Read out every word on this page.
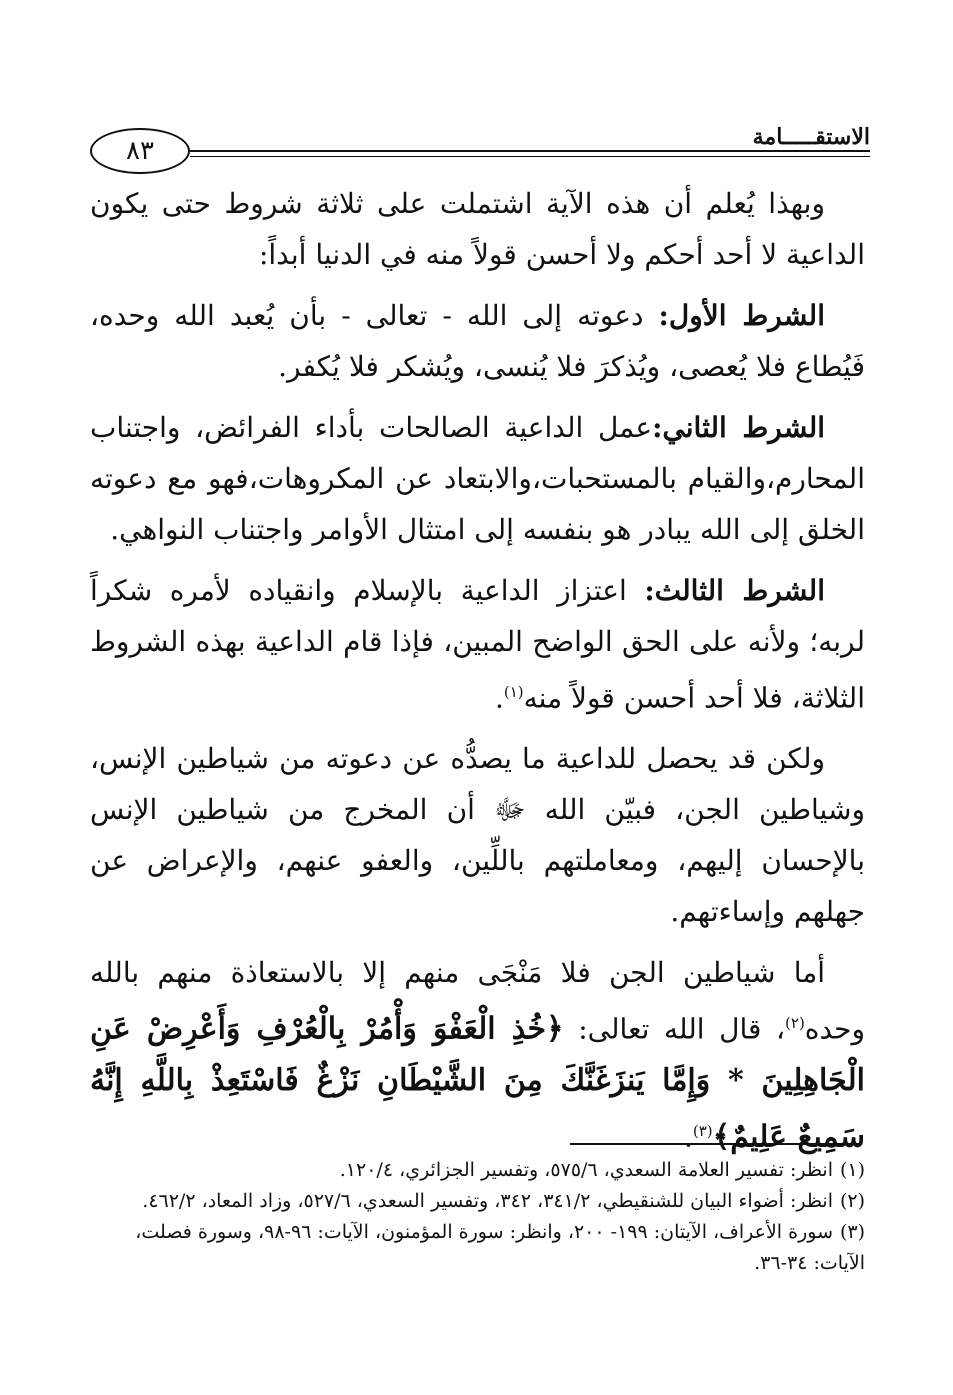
الاستقـــــامة
٨٣

وبهذا يُعلم أن هذه الآية اشتملت على ثلاثة شروط حتى يكون الداعية لا أحد أحكم ولا أحسن قولاً منه في الدنيا أبداً:

الشرط الأول: دعوته إلى الله - تعالى - بأن يُعبد الله وحده، فَيُطاع فلا يُعصى، ويُذكرَ فلا يُنسى، ويُشكر فلا يُكفر.

الشرط الثاني:عمل الداعية الصالحات بأداء الفرائض، واجتناب المحارم،والقيام بالمستحبات،والابتعاد عن المكروهات،فهو مع دعوته الخلق إلى الله يبادر هو بنفسه إلى امتثال الأوامر واجتناب النواهي.

الشرط الثالث: اعتزاز الداعية بالإسلام وانقياده لأمره شكراً لربه؛ ولأنه على الحق الواضح المبين، فإذا قام الداعية بهذه الشروط الثلاثة، فلا أحد أحسن قولاً منه$^{(١)}$.

ولكن قد يحصل للداعية ما يصدُّه عن دعوته من شياطين الإنس، وشياطين الجن، فبيّن الله ﷻ أن المخرج من شياطين الإنس بالإحسان إليهم، ومعاملتهم باللِّين، والعفو عنهم، والإعراض عن جهلهم وإساءتهم.

أما شياطين الجن فلا مَنْجَى منهم إلا بالاستعاذة منهم بالله وحده$^{(٢)}$، قال الله تعالى: ﴿خُذِ الْعَفْوَ وَأْمُرْ بِالْعُرْفِ وَأَعْرِضْ عَنِ الْجَاهِلِينَ * وَإِمَّا يَنزَغَنَّكَ مِنَ الشَّيْطَانِ نَزْغٌ فَاسْتَعِذْ بِاللَّهِ إِنَّهُ سَمِيعٌ عَلِيمٌ﴾$^{(٣)}$.

(١)انظر: تفسير العلامة السعدي، ٥٧٥/٦، وتفسير الجزائري، ١٢٠/٤.

(٢)انظر: أضواء البيان للشنقيطي، ٣٤١/٢، ٣٤٢، وتفسير السعدي، ٥٢٧/٦، وزاد المعاد، ٤٦٢/٢.

(٣)سورة الأعراف، الآيتان: ١٩٩- ٢٠٠، وانظر: سورة المؤمنون، الآيات: ٩٦-٩٨، وسورة فصلت، الآيات: ٣٤-٣٦.
